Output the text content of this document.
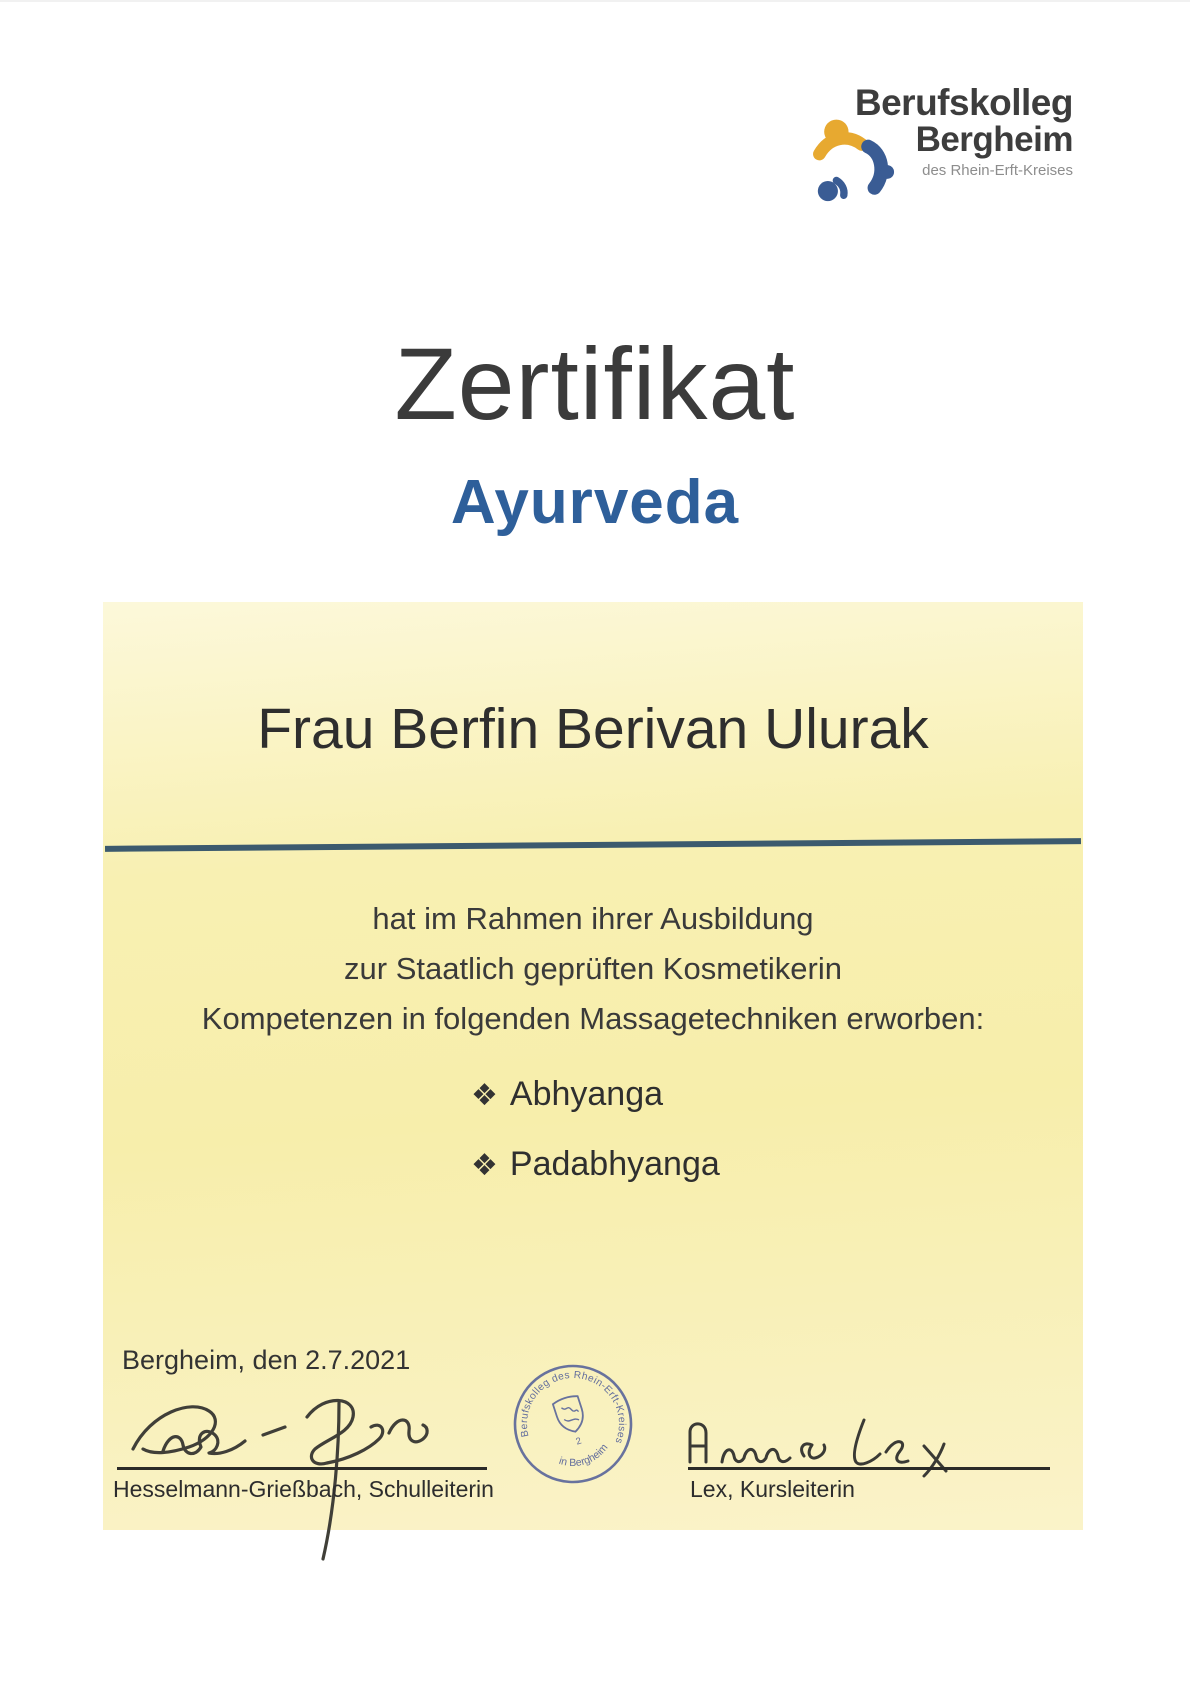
Berufskolleg
Bergheim
des Rhein-Erft-Kreises
Zertifikat
Ayurveda
Frau Berfin Berivan Ulurak
hat im Rahmen ihrer Ausbildung
zur Staatlich geprüften Kosmetikerin
Kompetenzen in folgenden Massagetechniken erworben:
❖ Abhyanga
❖ Padabhyanga
Bergheim, den 2.7.2021
Hesselmann-Grießbach, Schulleiterin
Berufskolleg des Rhein-Erft-Kreises
in Bergheim
2
Lex, Kursleiterin
